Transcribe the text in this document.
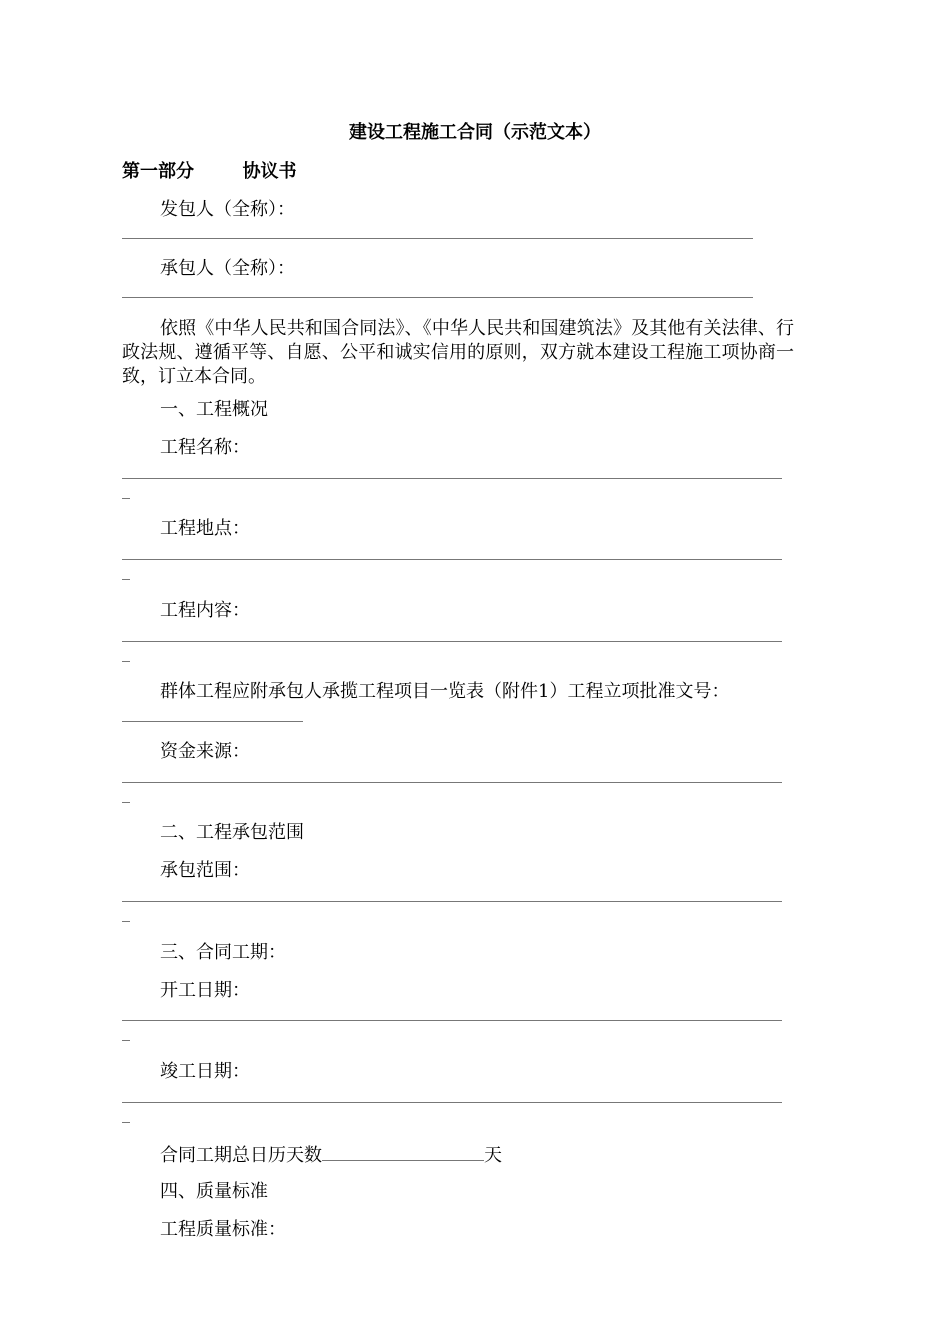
建设工程施工合同（示范文本）
第一部分	协议书
发包人（全称）：
承包人（全称）：
依照《中华人民共和国合同法》、《中华人民共和国建筑法》及其他有关法律、行政法规、遵循平等、自愿、公平和诚实信用的原则，双方就本建设工程施工项协商一致，订立本合同。
一、工程概况
工程名称：
工程地点：
工程内容：
群体工程应附承包人承揽工程项目一览表（附件1）工程立项批准文号：
资金来源：
二、工程承包范围
承包范围：
三、合同工期：
开工日期：
竣工日期：
合同工期总日历天数	天
四、质量标准
工程质量标准：
